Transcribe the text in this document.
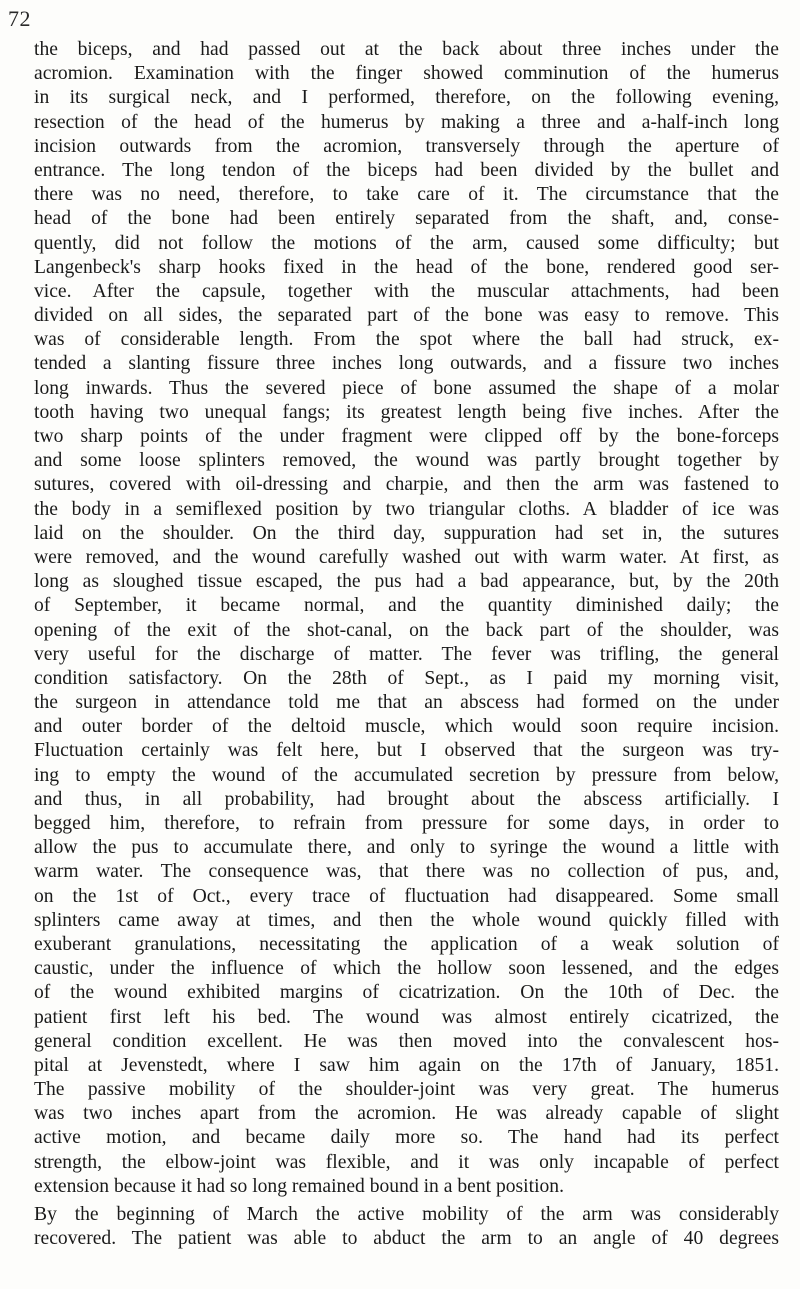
72
the biceps, and had passed out at the back about three inches under the
acromion. Examination with the finger showed comminution of the humerus
in its surgical neck, and I performed, therefore, on the following evening,
resection of the head of the humerus by making a three and a-half-inch long
incision outwards from the acromion, transversely through the aperture of
entrance. The long tendon of the biceps had been divided by the bullet and
there was no need, therefore, to take care of it. The circumstance that the
head of the bone had been entirely separated from the shaft, and, conse-
quently, did not follow the motions of the arm, caused some difficulty; but
Langenbeck's sharp hooks fixed in the head of the bone, rendered good ser-
vice. After the capsule, together with the muscular attachments, had been
divided on all sides, the separated part of the bone was easy to remove. This
was of considerable length. From the spot where the ball had struck, ex-
tended a slanting fissure three inches long outwards, and a fissure two inches
long inwards. Thus the severed piece of bone assumed the shape of a molar
tooth having two unequal fangs; its greatest length being five inches. After the
two sharp points of the under fragment were clipped off by the bone-forceps
and some loose splinters removed, the wound was partly brought together by
sutures, covered with oil-dressing and charpie, and then the arm was fastened to
the body in a semiflexed position by two triangular cloths. A bladder of ice was
laid on the shoulder. On the third day, suppuration had set in, the sutures
were removed, and the wound carefully washed out with warm water. At first, as
long as sloughed tissue escaped, the pus had a bad appearance, but, by the 20th
of September, it became normal, and the quantity diminished daily; the
opening of the exit of the shot-canal, on the back part of the shoulder, was
very useful for the discharge of matter. The fever was trifling, the general
condition satisfactory. On the 28th of Sept., as I paid my morning visit,
the surgeon in attendance told me that an abscess had formed on the under
and outer border of the deltoid muscle, which would soon require incision.
Fluctuation certainly was felt here, but I observed that the surgeon was try-
ing to empty the wound of the accumulated secretion by pressure from below,
and thus, in all probability, had brought about the abscess artificially. I
begged him, therefore, to refrain from pressure for some days, in order to
allow the pus to accumulate there, and only to syringe the wound a little with
warm water. The consequence was, that there was no collection of pus, and,
on the 1st of Oct., every trace of fluctuation had disappeared. Some small
splinters came away at times, and then the whole wound quickly filled with
exuberant granulations, necessitating the application of a weak solution of
caustic, under the influence of which the hollow soon lessened, and the edges
of the wound exhibited margins of cicatrization. On the 10th of Dec. the
patient first left his bed. The wound was almost entirely cicatrized, the
general condition excellent. He was then moved into the convalescent hos-
pital at Jevenstedt, where I saw him again on the 17th of January, 1851.
The passive mobility of the shoulder-joint was very great. The humerus
was two inches apart from the acromion. He was already capable of slight
active motion, and became daily more so. The hand had its perfect
strength, the elbow-joint was flexible, and it was only incapable of perfect
extension because it had so long remained bound in a bent position.
By the beginning of March the active mobility of the arm was considerably
recovered. The patient was able to abduct the arm to an angle of 40 degrees
